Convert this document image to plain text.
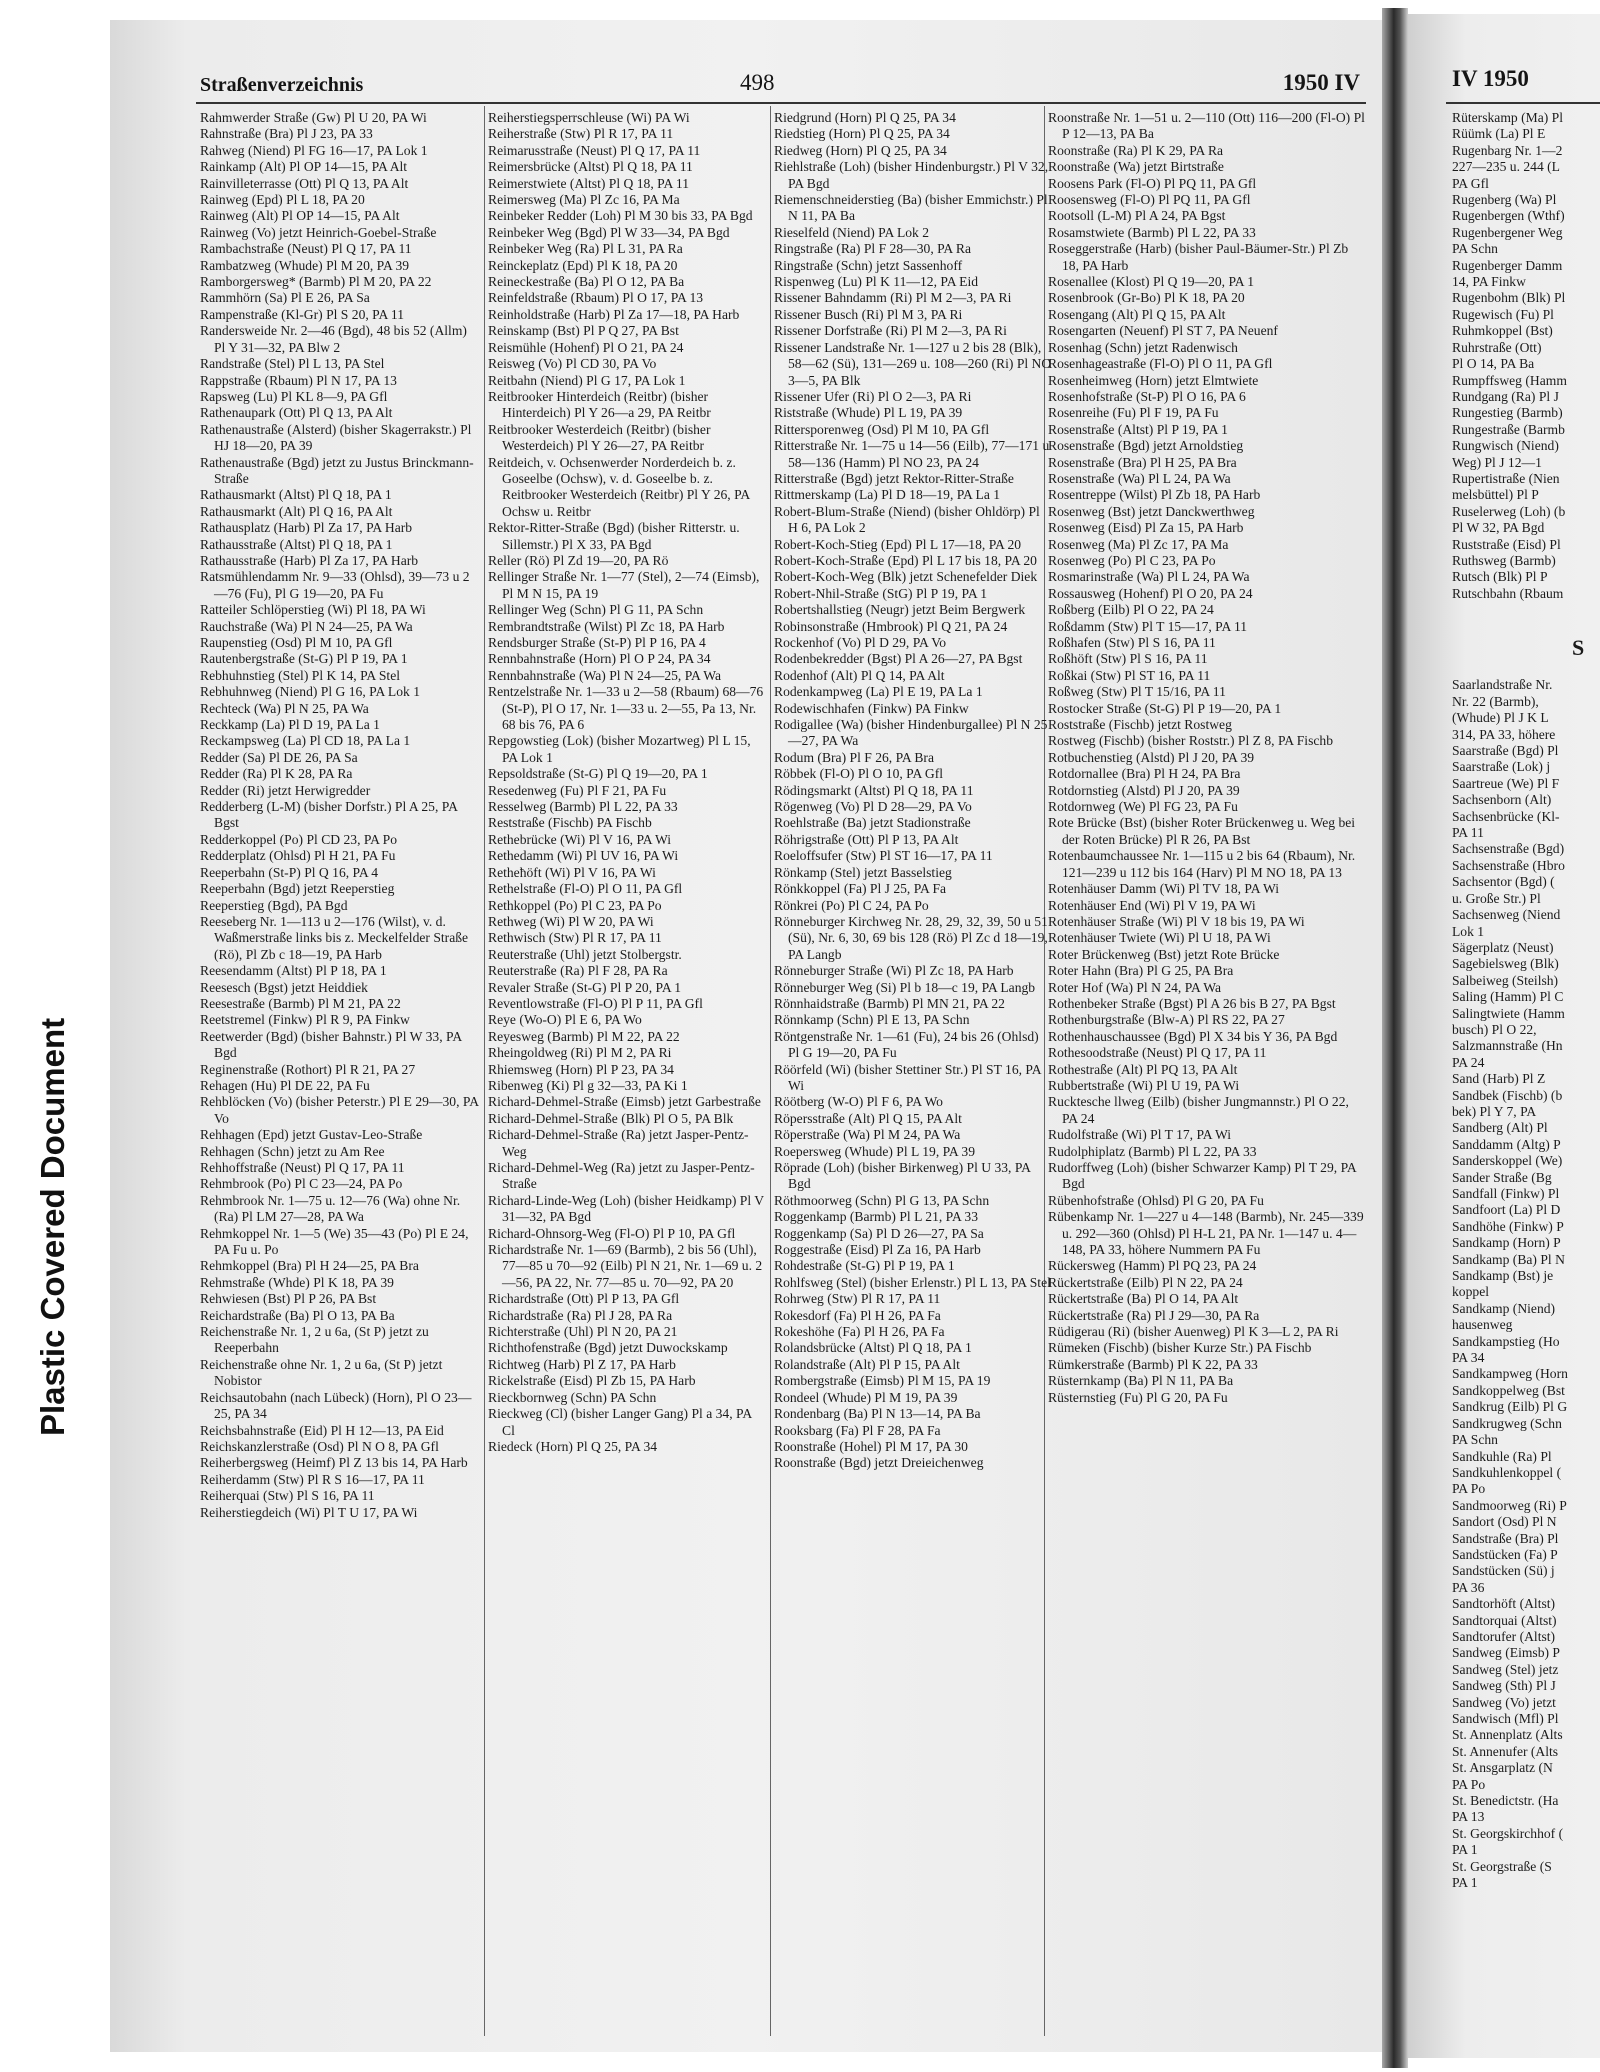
Straßenverzeichnis	498	1950 IV
Rahmwerder Straße (Gw) Pl U 20, PA Wi
Rahnstraße (Bra) Pl J 23, PA 33
Rahweg (Niend) Pl FG 16—17, PA Lok 1
Rainkamp (Alt) Pl OP 14—15, PA Alt
Rainvilleterrasse (Ott) Pl Q 13, PA Alt
Rainweg (Epd) Pl L 18, PA 20
Rainweg (Alt) Pl OP 14—15, PA Alt
Rainweg (Vo) jetzt Heinrich-Goebel-Straße
Rambachstraße (Neust) Pl Q 17, PA 11
Rambatzweg (Whude) Pl M 20, PA 39
Ramborgersweg* (Barmb) Pl M 20, PA 22
Rammhörn (Sa) Pl E 26, PA Sa
Rampenstraße (Kl-Gr) Pl S 20, PA 11
Randersweide Nr. 2—46 (Bgd), 48 bis 52 (Allm) Pl Y 31—32, PA Blw 2
Randstraße (Stel) Pl L 13, PA Stel
Rappstraße (Rbaum) Pl N 17, PA 13
Rapsweg (Lu) Pl KL 8—9, PA Gfl
Rathenaupark (Ott) Pl Q 13, PA Alt
Rathenaustraße (Alsterd) (bisher Skagerrakstr.) Pl HJ 18—20, PA 39
Rathenaustraße (Bgd) jetzt zu Justus Brinckmann-Straße
Rathausmarkt (Altst) Pl Q 18, PA 1
Rathausmarkt (Alt) Pl Q 16, PA Alt
Rathausplatz (Harb) Pl Za 17, PA Harb
Rathausstraße (Altst) Pl Q 18, PA 1
Rathausstraße (Harb) Pl Za 17, PA Harb
Ratsmühlendamm Nr. 9—33 (Ohlsd), 39—73 u 2—76 (Fu), Pl G 19—20, PA Fu
Ratteiler Schlöperstieg (Wi) Pl 18, PA Wi
Rauchstraße (Wa) Pl N 24—25, PA Wa
Raupenstieg (Osd) Pl M 10, PA Gfl
Rautenbergstraße (St-G) Pl P 19, PA 1
Rebhuhnstieg (Stel) Pl K 14, PA Stel
Rebhuhnweg (Niend) Pl G 16, PA Lok 1
Rechteck (Wa) Pl N 25, PA Wa
Reckkamp (La) Pl D 19, PA La 1
Reckampsweg (La) Pl CD 18, PA La 1
Redder (Sa) Pl DE 26, PA Sa
Redder (Ra) Pl K 28, PA Ra
Redder (Ri) jetzt Herwigredder
Redderberg (L-M) (bisher Dorfstr.) Pl A 25, PA Bgst
Redderkoppel (Po) Pl CD 23, PA Po
Redderplatz (Ohlsd) Pl H 21, PA Fu
Reeperbahn (St-P) Pl Q 16, PA 4
Reeperbahn (Bgd) jetzt Reeperstieg
Reeperstieg (Bgd), PA Bgd
Reeseberg Nr. 1—113 u 2—176 (Wilst), v. d. Waßmerstraße links bis z. Meckelfelder Straße (Rö), Pl Zb c 18—19, PA Harb
Reesendamm (Altst) Pl P 18, PA 1
Reesesch (Bgst) jetzt Heiddiek
Reesestraße (Barmb) Pl M 21, PA 22
Reetstremel (Finkw) Pl R 9, PA Finkw
Reetwerder (Bgd) (bisher Bahnstr.) Pl W 33, PA Bgd
Reginenstraße (Rothort) Pl R 21, PA 27
Rehagen (Hu) Pl DE 22, PA Fu
Rehblöcken (Vo) (bisher Peterstr.) Pl E 29—30, PA Vo
Rehhagen (Epd) jetzt Gustav-Leo-Straße
Rehhagen (Schn) jetzt zu Am Ree
Rehhoffstraße (Neust) Pl Q 17, PA 11
Rehmbrook (Po) Pl C 23—24, PA Po
Rehmbrook Nr. 1—75 u. 12—76 (Wa) ohne Nr. (Ra) Pl LM 27—28, PA Wa
Rehmkoppel Nr. 1—5 (We) 35—43 (Po) Pl E 24, PA Fu u. Po
Rehmkoppel (Bra) Pl H 24—25, PA Bra
Rehmstraße (Whde) Pl K 18, PA 39
Rehwiesen (Bst) Pl P 26, PA Bst
Reichardstraße (Ba) Pl O 13, PA Ba
Reichenstraße Nr. 1, 2 u 6a, (St P) jetzt zu Reeperbahn
Reichenstraße ohne Nr. 1, 2 u 6a, (St P) jetzt Nobistor
Reichsautobahn (nach Lübeck) (Horn), Pl O 23—25, PA 34
Reichsbahnstraße (Eid) Pl H 12—13, PA Eid
Reichskanzlerstraße (Osd) Pl N O 8, PA Gfl
Reiherbergsweg (Heimf) Pl Z 13 bis 14, PA Harb
Reiherdamm (Stw) Pl R S 16—17, PA 11
Reiherquai (Stw) Pl S 16, PA 11
Reiherstiegdeich (Wi) Pl T U 17, PA Wi
Reiherstiegsperrschleuse (Wi) PA Wi
Reiherstraße (Stw) Pl R 17, PA 11
Reimarusstraße (Neust) Pl Q 17, PA 11
Reimersbrücke (Altst) Pl Q 18, PA 11
Reimerstwiete (Altst) Pl Q 18, PA 11
Reimersweg (Ma) Pl Zc 16, PA Ma
Reinbeker Redder (Loh) Pl M 30 bis 33, PA Bgd
Reinbeker Weg (Bgd) Pl W 33—34, PA Bgd
Reinbeker Weg (Ra) Pl L 31, PA Ra
Reinckeplatz (Epd) Pl K 18, PA 20
Reineckestraße (Ba) Pl O 12, PA Ba
Reinfeldstraße (Rbaum) Pl O 17, PA 13
Reinholdstraße (Harb) Pl Za 17—18, PA Harb
Reinskamp (Bst) Pl P Q 27, PA Bst
Reismühle (Hohenf) Pl O 21, PA 24
Reisweg (Vo) Pl CD 30, PA Vo
Reitbahn (Niend) Pl G 17, PA Lok 1
Reitbrooker Hinterdeich (Reitbr) (bisher Hinterdeich) Pl Y 26—a 29, PA Reitbr
Reitbrooker Westerdeich (Reitbr) (bisher Westerdeich) Pl Y 26—27, PA Reitbr
Reitdeich, v. Ochsenwerder Norderdeich b. z. Goseelbe (Ochsw), v. d. Goseelbe b. z. Reitbrooker Westerdeich (Reitbr) Pl Y 26, PA Ochsw u. Reitbr
Rektor-Ritter-Straße (Bgd) (bisher Ritterstr. u. Sillemstr.) Pl X 33, PA Bgd
Reller (Rö) Pl Zd 19—20, PA Rö
Rellinger Straße Nr. 1—77 (Stel), 2—74 (Eimsb), Pl M N 15, PA 19
Rellinger Weg (Schn) Pl G 11, PA Schn
Rembrandtstraße (Wilst) Pl Zc 18, PA Harb
Rendsburger Straße (St-P) Pl P 16, PA 4
Rennbahnstraße (Horn) Pl O P 24, PA 34
Rennbahnstraße (Wa) Pl N 24—25, PA Wa
Rentzelstraße Nr. 1—33 u 2—58 (Rbaum) 68—76 (St-P), Pl O 17, Nr. 1—33 u. 2—55, Pa 13, Nr. 68 bis 76, PA 6
Repgowstieg (Lok) (bisher Mozartweg) Pl L 15, PA Lok 1
Repsoldstraße (St-G) Pl Q 19—20, PA 1
Resedenweg (Fu) Pl F 21, PA Fu
Resselweg (Barmb) Pl L 22, PA 33
Reststraße (Fischb) PA Fischb
Rethebrücke (Wi) Pl V 16, PA Wi
Rethedamm (Wi) Pl UV 16, PA Wi
Retheħöft (Wi) Pl V 16, PA Wi
Rethelstraße (Fl-O) Pl O 11, PA Gfl
Rethkoppel (Po) Pl C 23, PA Po
Rethweg (Wi) Pl W 20, PA Wi
Rethwisch (Stw) Pl R 17, PA 11
Reuterstraße (Uhl) jetzt Stolbergstr.
Reuterstraße (Ra) Pl F 28, PA Ra
Revaler Straße (St-G) Pl P 20, PA 1
Reventlowstraße (Fl-O) Pl P 11, PA Gfl
Reye (Wo-O) Pl E 6, PA Wo
Reyesweg (Barmb) Pl M 22, PA 22
Rheingoldweg (Ri) Pl M 2, PA Ri
Rhiemsweg (Horn) Pl P 23, PA 34
Ribenweg (Ki) Pl g 32—33, PA Ki 1
Richard-Dehmel-Straße (Eimsb) jetzt Garbestraße
Richard-Dehmel-Straße (Blk) Pl O 5, PA Blk
Richard-Dehmel-Straße (Ra) jetzt Jasper-Pentz-Weg
Richard-Dehmel-Weg (Ra) jetzt zu Jasper-Pentz-Straße
Richard-Linde-Weg (Loh) (bisher Heidkamp) Pl V 31—32, PA Bgd
Richard-Ohnsorg-Weg (Fl-O) Pl P 10, PA Gfl
Richardstraße Nr. 1—69 (Barmb), 2 bis 56 (Uhl), 77—85 u 70—92 (Eilb) Pl N 21, Nr. 1—69 u. 2—56, PA 22, Nr. 77—85 u. 70—92, PA 20
Richardstraße (Ott) Pl P 13, PA Gfl
Richardstraße (Ra) Pl J 28, PA Ra
Richterstraße (Uhl) Pl N 20, PA 21
Richthofenstraße (Bgd) jetzt Duwockskamp
Richtweg (Harb) Pl Z 17, PA Harb
Rickelstraße (Eisd) Pl Zb 15, PA Harb
Rieckbornweg (Schn) PA Schn
Rieckweg (Cl) (bisher Langer Gang) Pl a 34, PA Cl
Riedeck (Horn) Pl Q 25, PA 34
Riedgrund (Horn) Pl Q 25, PA 34
Riedstieg (Horn) Pl Q 25, PA 34
Riedweg (Horn) Pl Q 25, PA 34
Riehlstraße (Loh) (bisher Hindenburgstr.) Pl V 32, PA Bgd
Riemenschneiderstieg (Ba) (bisher Emmichstr.) Pl N 11, PA Ba
Rieselfeld (Niend) PA Lok 2
Ringstraße (Ra) Pl F 28—30, PA Ra
Ringstraße (Schn) jetzt Sassenhoff
Rispenweg (Lu) Pl K 11—12, PA Eid
Rissener Bahndamm (Ri) Pl M 2—3, PA Ri
Rissener Busch (Ri) Pl M 3, PA Ri
Rissener Dorfstraße (Ri) Pl M 2—3, PA Ri
Rissener Landstraße Nr. 1—127 u 2 bis 28 (Blk), 58—62 (Sü), 131—269 u. 108—260 (Ri) Pl NO 3—5, PA Blk
Rissener Ufer (Ri) Pl O 2—3, PA Ri
Riststraße (Whude) Pl L 19, PA 39
Rittersporenweg (Osd) Pl M 10, PA Gfl
Ritterstraße Nr. 1—75 u 14—56 (Eilb), 77—171 u 58—136 (Hamm) Pl NO 23, PA 24
Ritterstraße (Bgd) jetzt Rektor-Ritter-Straße
Rittmerskamp (La) Pl D 18—19, PA La 1
Robert-Blum-Straße (Niend) (bisher Ohldörp) Pl H 6, PA Lok 2
Robert-Koch-Stieg (Epd) Pl L 17—18, PA 20
Robert-Koch-Straße (Epd) Pl L 17 bis 18, PA 20
Robert-Koch-Weg (Blk) jetzt Schenefelder Diek
Robert-Nhil-Straße (StG) Pl P 19, PA 1
Robertshallstieg (Neugr) jetzt Beim Bergwerk
Robinsonstraße (Hmbrook) Pl Q 21, PA 24
Rockenhof (Vo) Pl D 29, PA Vo
Rodenbekredder (Bgst) Pl A 26—27, PA Bgst
Rodenhof (Alt) Pl Q 14, PA Alt
Rodenkampweg (La) Pl E 19, PA La 1
Rodewischhafen (Finkw) PA Finkw
Rodigallee (Wa) (bisher Hindenburgallee) Pl N 25—27, PA Wa
Rodum (Bra) Pl F 26, PA Bra
Röbbek (Fl-O) Pl O 10, PA Gfl
Rödingsmarkt (Altst) Pl Q 18, PA 11
Rögenweg (Vo) Pl D 28—29, PA Vo
Roehlstraße (Ba) jetzt Stadionstraße
Röhrigstraße (Ott) Pl P 13, PA Alt
Roeloffsufer (Stw) Pl ST 16—17, PA 11
Rönkamp (Stel) jetzt Basselstieg
Rönkkoppel (Fa) Pl J 25, PA Fa
Rönkrei (Po) Pl C 24, PA Po
Rönneburger Kirchweg Nr. 28, 29, 32, 39, 50 u 51 (Sü), Nr. 6, 30, 69 bis 128 (Rö) Pl Zc d 18—19, PA Langb
Rönneburger Straße (Wi) Pl Zc 18, PA Harb
Rönneburger Weg (Si) Pl b 18—c 19, PA Langb
Rönnhaidstraße (Barmb) Pl MN 21, PA 22
Rönnkamp (Schn) Pl E 13, PA Schn
Röntgenstraße Nr. 1—61 (Fu), 24 bis 26 (Ohlsd) Pl G 19—20, PA Fu
Röörfeld (Wi) (bisher Stettiner Str.) Pl ST 16, PA Wi
Röötberg (W-O) Pl F 6, PA Wo
Röpersstraße (Alt) Pl Q 15, PA Alt
Röperstraße (Wa) Pl M 24, PA Wa
Roepersweg (Whude) Pl L 19, PA 39
Röprade (Loh) (bisher Birkenweg) Pl U 33, PA Bgd
Röthmoorweg (Schn) Pl G 13, PA Schn
Roggenkamp (Barmb) Pl L 21, PA 33
Roggenkamp (Sa) Pl D 26—27, PA Sa
Roggestraße (Eisd) Pl Za 16, PA Harb
Rohdestraße (St-G) Pl P 19, PA 1
Rohlfsweg (Stel) (bisher Erlenstr.) Pl L 13, PA Stel
Rohrweg (Stw) Pl R 17, PA 11
Rokesdorf (Fa) Pl H 26, PA Fa
Rokeshöhe (Fa) Pl H 26, PA Fa
Rolandsbrücke (Altst) Pl Q 18, PA 1
Rolandstraße (Alt) Pl P 15, PA Alt
Rombergstraße (Eimsb) Pl M 15, PA 19
Rondeel (Whude) Pl M 19, PA 39
Rondenbarg (Ba) Pl N 13—14, PA Ba
Rooksbarg (Fa) Pl F 28, PA Fa
Roonstraße (Hohel) Pl M 17, PA 30
Roonstraße (Bgd) jetzt Dreieichenweg
Roonstraße Nr. 1—51 u. 2—110 (Ott) 116—200 (Fl-O) Pl P 12—13, PA Ba
Roonstraße (Ra) Pl K 29, PA Ra
Roonstraße (Wa) jetzt Birtstraße
Roosens Park (Fl-O) Pl PQ 11, PA Gfl
Roosensweg (Fl-O) Pl PQ 11, PA Gfl
Rootsoll (L-M) Pl A 24, PA Bgst
Rosamstwiete (Barmb) Pl L 22, PA 33
Roseggerstraße (Harb) (bisher Paul-Bäumer-Str.) Pl Zb 18, PA Harb
Rosenallee (Klost) Pl Q 19—20, PA 1
Rosenbrook (Gr-Bo) Pl K 18, PA 20
Rosengang (Alt) Pl Q 15, PA Alt
Rosengarten (Neuenf) Pl ST 7, PA Neuenf
Rosenhag (Schn) jetzt Radenwisch
Rosenhageastraße (Fl-O) Pl O 11, PA Gfl
Rosenheimweg (Horn) jetzt Elmtwiete
Rosenhofstraße (St-P) Pl O 16, PA 6
Rosenreihe (Fu) Pl F 19, PA Fu
Rosenstraße (Altst) Pl P 19, PA 1
Rosenstraße (Bgd) jetzt Arnoldstieg
Rosenstraße (Bra) Pl H 25, PA Bra
Rosenstraße (Wa) Pl L 24, PA Wa
Rosentreppe (Wilst) Pl Zb 18, PA Harb
Rosenweg (Bst) jetzt Danckwerthweg
Rosenweg (Eisd) Pl Za 15, PA Harb
Rosenweg (Ma) Pl Zc 17, PA Ma
Rosenweg (Po) Pl C 23, PA Po
Rosmarinstraße (Wa) Pl L 24, PA Wa
Rossausweg (Hohenf) Pl O 20, PA 24
Roßberg (Eilb) Pl O 22, PA 24
Roßdamm (Stw) Pl T 15—17, PA 11
Roßhafen (Stw) Pl S 16, PA 11
Roßhöft (Stw) Pl S 16, PA 11
Roßkai (Stw) Pl ST 16, PA 11
Roßweg (Stw) Pl T 15/16, PA 11
Rostocker Straße (St-G) Pl P 19—20, PA 1
Roststraße (Fischb) jetzt Rostweg
Rostweg (Fischb) (bisher Roststr.) Pl Z 8, PA Fischb
Rotbuchenstieg (Alstd) Pl J 20, PA 39
Rotdornallee (Bra) Pl H 24, PA Bra
Rotdornstieg (Alstd) Pl J 20, PA 39
Rotdornweg (We) Pl FG 23, PA Fu
Rote Brücke (Bst) (bisher Roter Brückenweg u. Weg bei der Roten Brücke) Pl R 26, PA Bst
Rotenbaumchaussee Nr. 1—115 u 2 bis 64 (Rbaum), Nr. 121—239 u 112 bis 164 (Harv) Pl M NO 18, PA 13
Rotenhäuser Damm (Wi) Pl TV 18, PA Wi
Rotenhäuser End (Wi) Pl V 19, PA Wi
Rotenhäuser Straße (Wi) Pl V 18 bis 19, PA Wi
Rotenhäuser Twiete (Wi) Pl U 18, PA Wi
Roter Brückenweg (Bst) jetzt Rote Brücke
Roter Hahn (Bra) Pl G 25, PA Bra
Roter Hof (Wa) Pl N 24, PA Wa
Rothenbeker Straße (Bgst) Pl A 26 bis B 27, PA Bgst
Rothenburgstraße (Blw-A) Pl RS 22, PA 27
Rothenhauschaussee (Bgd) Pl X 34 bis Y 36, PA Bgd
Rothesoodstraße (Neust) Pl Q 17, PA 11
Rothestraße (Alt) Pl PQ 13, PA Alt
Rubbertstraße (Wi) Pl U 19, PA Wi
Rucktesche llweg (Eilb) (bisher Jungmannstr.) Pl O 22, PA 24
Rudolfstraße (Wi) Pl T 17, PA Wi
Rudolphiplatz (Barmb) Pl L 22, PA 33
Rudorffweg (Loh) (bisher Schwarzer Kamp) Pl T 29, PA Bgd
Rübenhofstraße (Ohlsd) Pl G 20, PA Fu
Rübenkamp Nr. 1—227 u 4—148 (Barmb), Nr. 245—339 u. 292—360 (Ohlsd) Pl H-L 21, PA Nr. 1—147 u. 4—148, PA 33, höhere Nummern PA Fu
Rückersweg (Hamm) Pl PQ 23, PA 24
Rückertstraße (Eilb) Pl N 22, PA 24
Rückertstraße (Ba) Pl O 14, PA Alt
Rückertstraße (Ra) Pl J 29—30, PA Ra
Rüdigerau (Ri) (bisher Auenweg) Pl K 3—L 2, PA Ri
Rümeken (Fischb) (bisher Kurze Str.) PA Fischb
Rümkerstraße (Barmb) Pl K 22, PA 33
Rüsternkamp (Ba) Pl N 11, PA Ba
Rüsternstieg (Fu) Pl G 20, PA Fu
IV 1950
Rüterskamp (Ma) Pl
Rüümk (La) Pl E
Rugenbarg Nr. 1—2
227—235 u. 244 (L
PA Gfl
Rugenberg (Wa) Pl
Rugenbergen (Wthf)
Rugenbergener Weg
PA Schn
Rugenberger Damm
14, PA Finkw
Rugenbohm (Blk) Pl
Rugewisch (Fu) Pl
Ruhmkoppel (Bst)
Ruhrstraße (Ott)
Pl O 14, PA Ba
Rumpffsweg (Hamm
Rundgang (Ra) Pl J
Rungestieg (Barmb)
Rungestraße (Barmb
Rungwisch (Niend)
Weg) Pl J 12—1
Rupertistraße (Nien
melsbüttel) Pl P
Ruselerweg (Loh) (b
Pl W 32, PA Bgd
Ruststraße (Eisd) Pl
Ruthsweg (Barmb)
Rutsch (Blk) Pl P
Rutschbahn (Rbaum

S

Saarlandstraße Nr.
Nr. 22 (Barmb),
(Whude) Pl J K L
314, PA 33, höhere
Saarstraße (Bgd) Pl
Saarstraße (Lok) j
Saartreue (We) Pl F
Sachsenborn (Alt)
Sachsenbrücke (Kl-
PA 11
Sachsenstraße (Bgd)
Sachsenstraße (Hbro
Sachsentor (Bgd) (
u. Große Str.) Pl
Sachsenweg (Niend
Lok 1
Sägerplatz (Neust)
Sagebielsweg (Blk)
Salbeiweg (Steilsh)
Saling (Hamm) Pl C
Salingtwiete (Hamm
busch) Pl O 22,
Salzmannstraße (Hn
PA 24
Sand (Harb) Pl Z
Sandbek (Fischb) (b
bek) Pl Y 7, PA
Sandberg (Alt) Pl
Sanddamm (Altg) P
Sanderskoppel (We)
Sander Straße (Bg
Sandfall (Finkw) Pl
Sandfoort (La) Pl D
Sandhöhe (Finkw) P
Sandkamp (Horn) P
Sandkamp (Ba) Pl N
Sandkamp (Bst) je
koppel
Sandkamp (Niend)
hausenweg
Sandkampstieg (Ho
PA 34
Sandkampweg (Horn
Sandkoppelweg (Bst
Sandkrug (Eilb) Pl G
Sandkrugweg (Schn
PA Schn
Sandkuhle (Ra) Pl
Sandkuhlenkoppel (
PA Po
Sandmoorweg (Ri) P
Sandort (Osd) Pl N
Sandstraße (Bra) Pl
Sandstücken (Fa) P
Sandstücken (Sü) j
PA 36
Sandtorhöft (Altst)
Sandtorquai (Altst)
Sandtorufer (Altst)
Sandweg (Eimsb) P
Sandweg (Stel) jetz
Sandweg (Sth) Pl J
Sandweg (Vo) jetzt
Sandwisch (Mfl) Pl
St. Annenplatz (Alts
St. Annenufer (Alts
St. Ansgarplatz (N
PA Po
St. Benedictstr. (Ha
PA 13
St. Georgskirchhof (
PA 1
St. Georgstraße (S
PA 1
